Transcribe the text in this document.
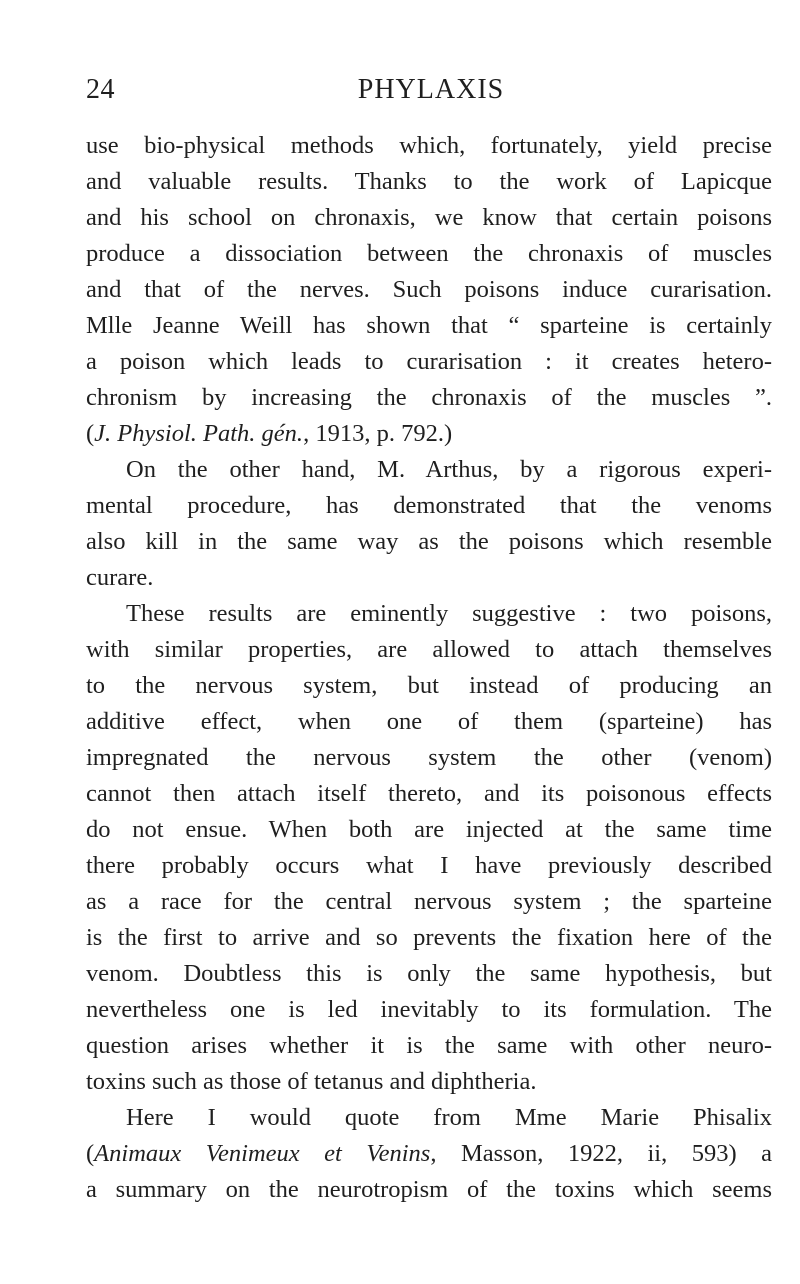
24	PHYLAXIS
use bio-physical methods which, fortunately, yield precise
and valuable results. Thanks to the work of Lapicque
and his school on chronaxis, we know that certain poisons
produce a dissociation between the chronaxis of muscles
and that of the nerves. Such poisons induce curarisation.
Mlle Jeanne Weill has shown that “ sparteine is certainly
a poison which leads to curarisation : it creates hetero-
chronism by increasing the chronaxis of the muscles ”.
(J. Physiol. Path. gén., 1913, p. 792.)
On the other hand, M. Arthus, by a rigorous experi-
mental procedure, has demonstrated that the venoms
also kill in the same way as the poisons which resemble
curare.
These results are eminently suggestive : two poisons,
with similar properties, are allowed to attach themselves
to the nervous system, but instead of producing an
additive effect, when one of them (sparteine) has
impregnated the nervous system the other (venom)
cannot then attach itself thereto, and its poisonous effects
do not ensue. When both are injected at the same time
there probably occurs what I have previously described
as a race for the central nervous system ; the sparteine
is the first to arrive and so prevents the fixation here of the
venom. Doubtless this is only the same hypothesis, but
nevertheless one is led inevitably to its formulation. The
question arises whether it is the same with other neuro-
toxins such as those of tetanus and diphtheria.
Here I would quote from Mme Marie Phisalix
(Animaux Venimeux et Venins, Masson, 1922, ii, 593) a
a summary on the neurotropism of the toxins which seems
